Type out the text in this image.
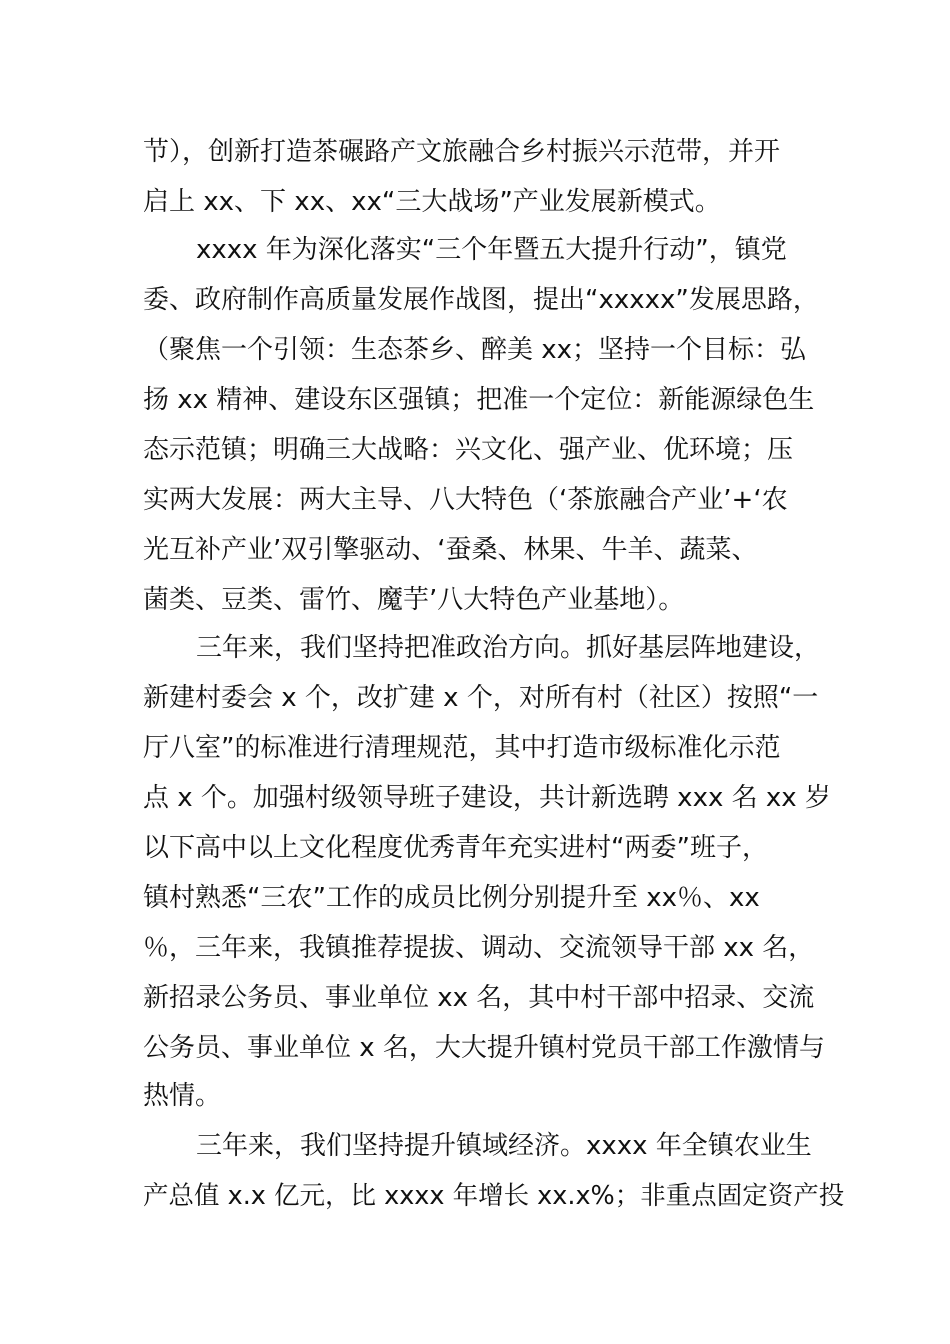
节），创新打造茶碾路产文旅融合乡村振兴示范带，并开
启上 xx、下 xx、xx“三大战场”产业发展新模式。
xxxx 年为深化落实“三个年暨五大提升行动”，镇党
委、政府制作高质量发展作战图，提出“xxxxx”发展思路，
（聚焦一个引领：生态茶乡、醉美 xx；坚持一个目标：弘
扬 xx 精神、建设东区强镇；把准一个定位：新能源绿色生
态示范镇；明确三大战略：兴文化、强产业、优环境；压
实两大发展：两大主导、八大特色（‘茶旅融合产业’+‘农
光互补产业’双引擎驱动、‘蚕桑、林果、牛羊、蔬菜、
菌类、豆类、雷竹、魔芋’八大特色产业基地）。
三年来，我们坚持把准政治方向。抓好基层阵地建设，
新建村委会 x 个，改扩建 x 个，对所有村（社区）按照“一
厅八室”的标准进行清理规范，其中打造市级标准化示范
点 x 个。加强村级领导班子建设，共计新选聘 xxx 名 xx 岁
以下高中以上文化程度优秀青年充实进村“两委”班子，
镇村熟悉“三农”工作的成员比例分别提升至 xx％、xx
％，三年来，我镇推荐提拔、调动、交流领导干部 xx 名，
新招录公务员、事业单位 xx 名，其中村干部中招录、交流
公务员、事业单位 x 名，大大提升镇村党员干部工作激情与
热情。
三年来，我们坚持提升镇域经济。xxxx 年全镇农业生
产总值 x.x 亿元，比 xxxx 年增长 xx.x%；非重点固定资产投
